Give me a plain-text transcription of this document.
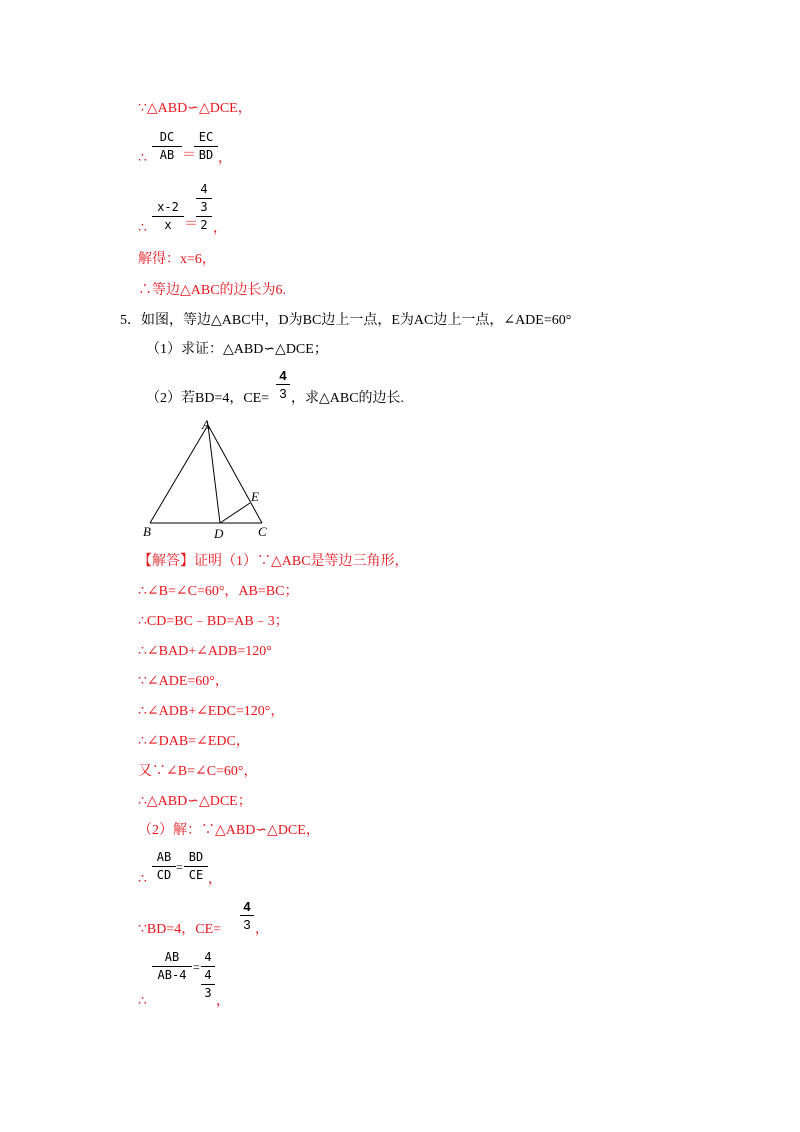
∵△ABD∽△DCE，
DC
AB
∴	＝
EC
BD ，
x-2
x
∴	＝
4
3
2 ，
解得：x=6，
∴等边△ABC的边长为6.
5．如图，等边△ABC中，D为BC边上一点，E为AC边上一点，∠ADE=60°
（1）求证：△ABD∽△DCE；
（2）若BD=4，CE=
4
3 ，求△ABC的边长.
A
B	C
D
E
【解答】证明（1）∵△ABC是等边三角形，
∴∠B=∠C=60°，AB=BC；
∴CD=BC﹣BD=AB﹣3；
∴∠BAD+∠ADB=120°
∵∠ADE=60°，
∴∠ADB+∠EDC=120°，
∴∠DAB=∠EDC，
又∵∠B=∠C=60°，
∴△ABD∽△DCE；
（2）解：∵△ABD∽△DCE，
AB
CD
∴
=
BD
CE ，
∵BD=4，CE=
4
3 ，
AB
AB-4
=
4
4
3
∴	，
